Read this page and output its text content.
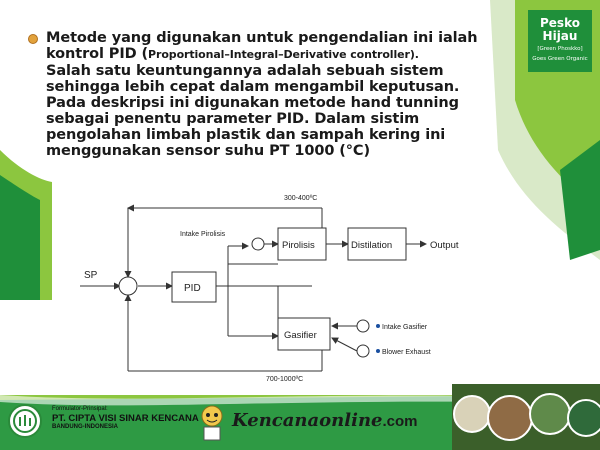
Metode yang digunakan untuk pengendalian ini ialah
kontrol PID (Proportional–Integral–Derivative controller).
Salah satu keuntungannya adalah sebuah sistem
sehingga lebih cepat dalam mengambil keputusan.
Pada deskripsi ini digunakan metode hand tunning
sebagai penentu parameter PID. Dalam sistim
pengolahan limbah plastik dan sampah kering ini
menggunakan sensor suhu PT 1000 (°C)
Pesko
Hijau
[Green Phoskko]
Goes Green Organic
SP
PID
Pirolisis	Distilation	Output
Gasifier
Intake Pirolisis
Intake Gasifier
Blower Exhaust
300-400ºC
700-1000ºC
Formulator-Prinsipal:
PT. CIPTA VISI SINAR KENCANA
BANDUNG-INDONESIA	Kencanaonline.com
